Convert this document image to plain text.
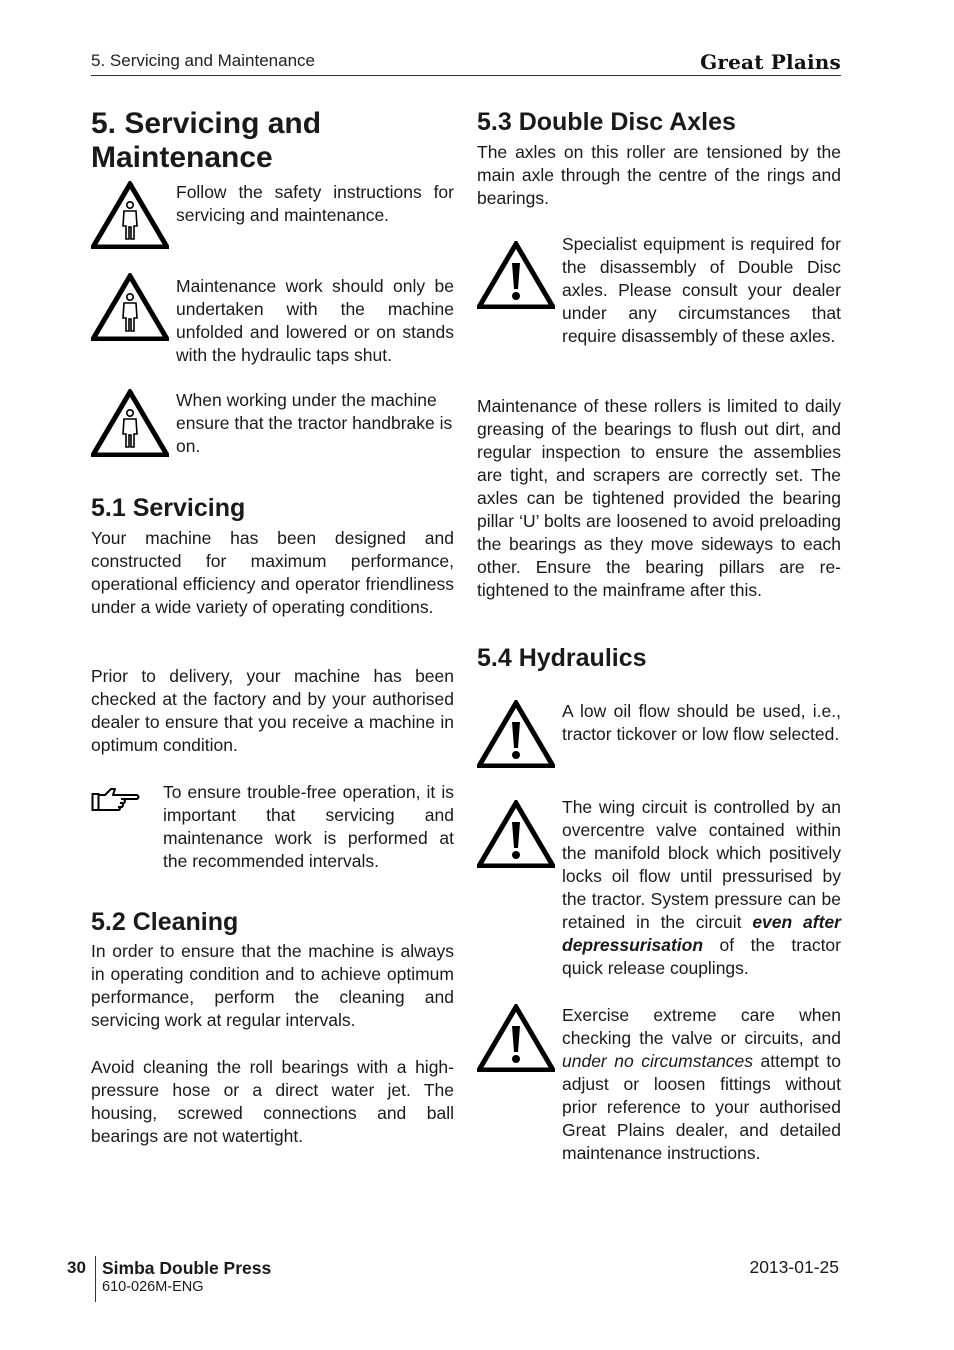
5. Servicing and Maintenance	Great Plains
5. Servicing and Maintenance
Follow the safety instructions for servicing and maintenance.
Maintenance work should only be undertaken with the machine unfolded and lowered or on stands with the hydraulic taps shut.
When working under the machine ensure that the tractor handbrake is on.
5.1 Servicing

Your machine has been designed and constructed for maximum performance, operational efficiency and operator friendliness under a wide variety of operating conditions.

Prior to delivery, your machine has been checked at the factory and by your authorised dealer to ensure that you receive a machine in optimum condition.

To ensure trouble-free operation, it is important that servicing and maintenance work is performed at the recommended intervals.
5.2 Cleaning

In order to ensure that the machine is always in operating condition and to achieve optimum performance, perform the cleaning and servicing work at regular intervals.

Avoid cleaning the roll bearings with a high-pressure hose or a direct water jet. The housing, screwed connections and ball bearings are not watertight.

5.3 Double Disc Axles

The axles on this roller are tensioned by the main axle through the centre of the rings and bearings.

Specialist equipment is required for the disassembly of Double Disc axles. Please consult your dealer under any circumstances that require disassembly of these axles.

Maintenance of these rollers is limited to daily greasing of the bearings to flush out dirt, and regular inspection to ensure the assemblies are tight, and scrapers are correctly set. The axles can be tightened provided the bearing pillar ‘U’ bolts are loosened to avoid preloading the bearings as they move sideways to each other. Ensure the bearing pillars are re-tightened to the mainframe after this.

5.4 Hydraulics
A low oil flow should be used, i.e., tractor tickover or low flow selected.
The wing circuit is controlled by an overcentre valve contained within the manifold block which positively locks oil flow until pressurised by the tractor. System pressure can be retained in the circuit even after depressurisation of the tractor quick release couplings.
Exercise extreme care when checking the valve or circuits, and under no circumstances attempt to adjust or loosen fittings without prior reference to your authorised Great Plains dealer, and detailed maintenance instructions.
30 Simba Double Press
610-026M-ENG
2013-01-25
